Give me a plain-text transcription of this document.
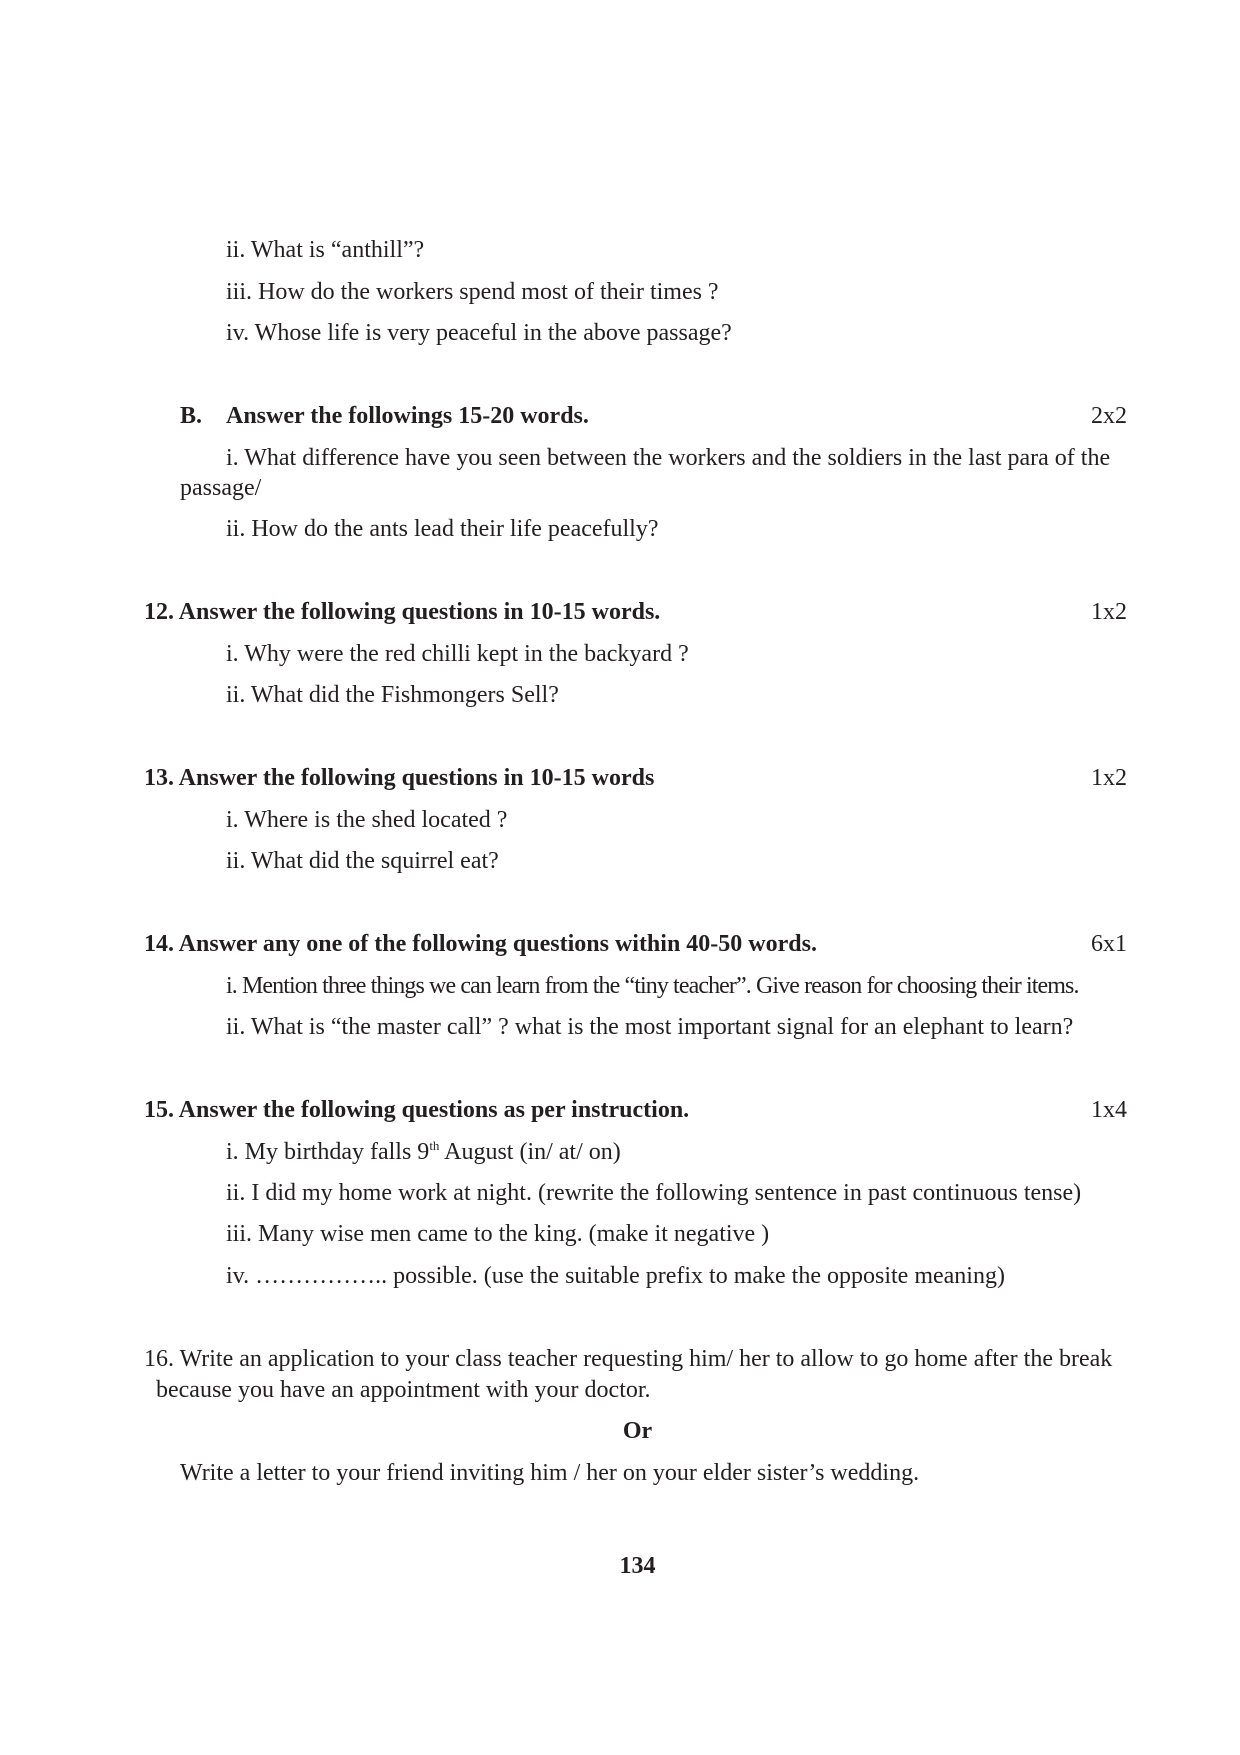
ii. What is “anthill”?
iii. How do the workers spend most of their times ?
iv. Whose life is very peaceful in the above passage?
B. Answer the followings 15-20 words.	2x2
i. What difference have you seen between the workers and the soldiers in the last para of the
passage/
ii. How do the ants lead their life peacefully?
12. Answer the following questions in 10-15 words.	1x2
i. Why were the red chilli kept in the backyard ?
ii. What did the Fishmongers Sell?
13. Answer the following questions in 10-15 words	1x2
i. Where is the shed located ?
ii. What did the squirrel eat?
14. Answer any one of the following questions within 40-50 words.	6x1
i. Mention three things we can learn from the “tiny teacher”. Give reason for choosing their items.
ii. What is “the master call” ? what is the most important signal for an elephant to learn?
15. Answer the following questions as per instruction.	1x4
i. My birthday falls 9th August (in/ at/ on)
ii. I did my home work at night. (rewrite the following sentence in past continuous tense)
iii. Many wise men came to the king. (make it negative )
iv. …………….. possible. (use the suitable prefix to make the opposite meaning)
16. Write an application to your class teacher requesting him/ her to allow to go home after the break
because you have an appointment with your doctor.
Or
Write a letter to your friend inviting him / her on your elder sister’s wedding.
134
